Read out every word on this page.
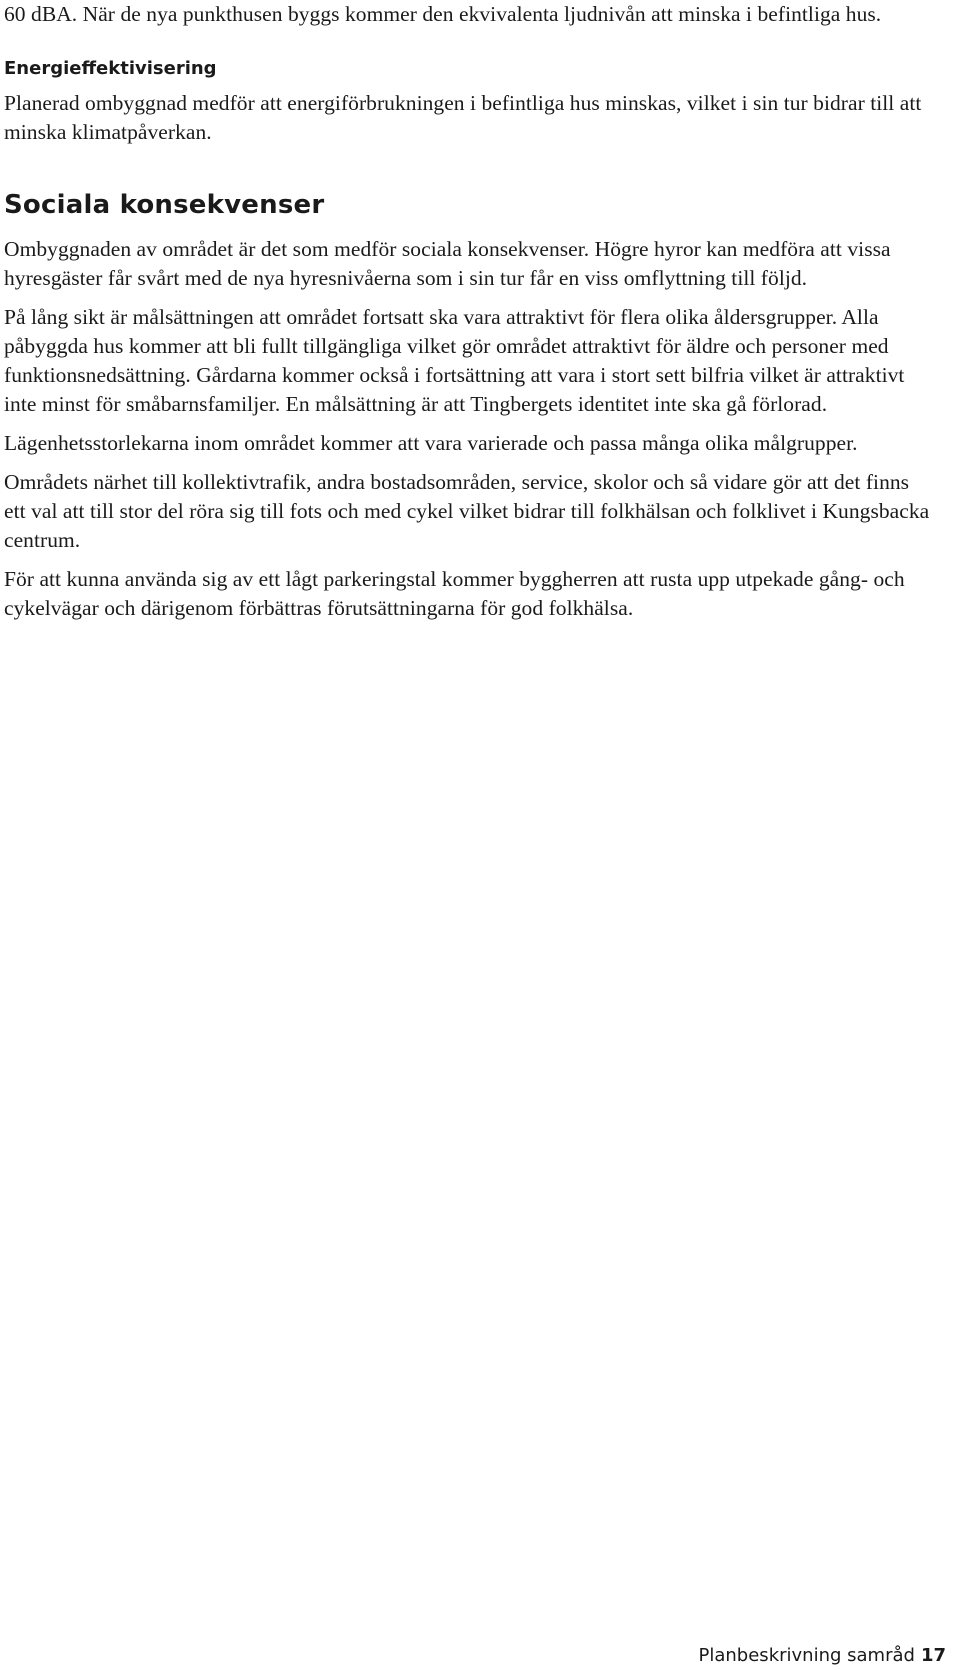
60 dBA. När de nya punkthusen byggs kommer den ekvivalenta ljudnivån att minska i befintliga hus.

Energieffektivisering

Planerad ombyggnad medför att energiförbrukningen i befintliga hus minskas, vilket i sin tur bidrar till att minska klimatpåverkan.

Sociala konsekvenser

Ombyggnaden av området är det som medför sociala konsekvenser. Högre hyror kan medföra att vissa hyresgäster får svårt med de nya hyresnivåerna som i sin tur får en viss omflyttning till följd.

På lång sikt är målsättningen att området fortsatt ska vara attraktivt för flera olika åldersgrupper. Alla påbyggda hus kommer att bli fullt tillgängliga vilket gör området attraktivt för äldre och personer med funktionsnedsättning. Gårdarna kommer också i fortsättning att vara i stort sett bilfria vilket är attraktivt inte minst för småbarnsfamiljer. En målsättning är att Tingbergets identitet inte ska gå förlorad.

Lägenhetsstorlekarna inom området kommer att vara varierade och passa många olika målgrupper.

Områdets närhet till kollektivtrafik, andra bostadsområden, service, skolor och så vidare gör att det finns ett val att till stor del röra sig till fots och med cykel vilket bidrar till folkhälsan och folklivet i Kungsbacka centrum.

För att kunna använda sig av ett lågt parkeringstal kommer byggherren att rusta upp utpekade gång- och cykelvägar och därigenom förbättras förutsättningarna för god folkhälsa.

Planbeskrivning samråd 17
